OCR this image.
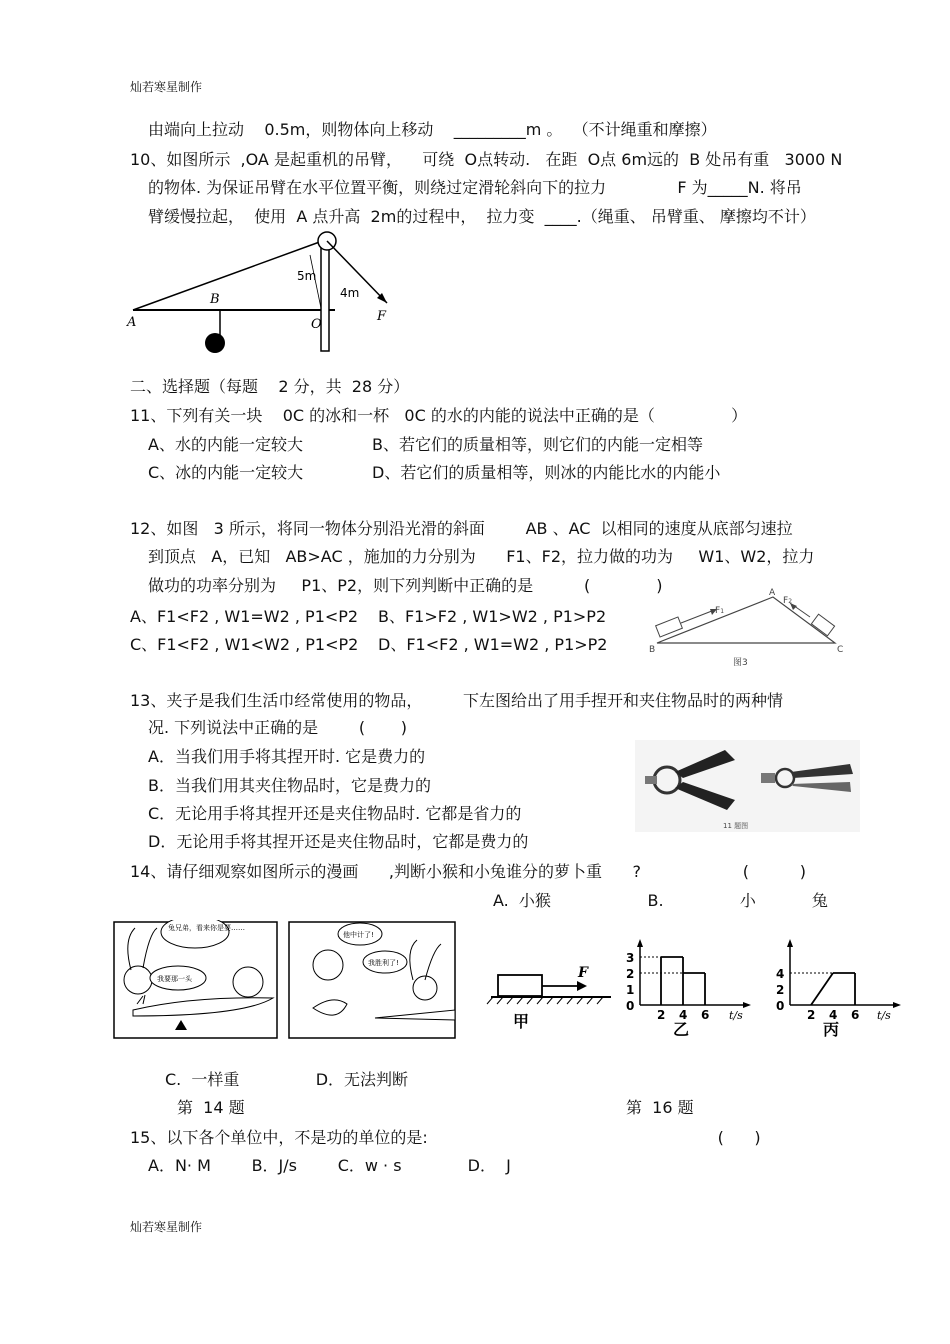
灿若寒星制作
由端向上拉动    0.5m，则物体向上移动    _________m 。  （不计绳重和摩擦）
10、如图所示  ,OA 是起重机的吊臂，    可绕  O点转动.   在距  O点 6m远的  B 处吊有重   3000 N
的物体. 为保证吊臂在水平位置平衡，则绕过定滑轮斜向下的拉力              F 为_____N. 将吊
臂缓慢拉起，  使用  A 点升高  2m的过程中，  拉力变  ____.（绳重、 吊臂重、 摩擦均不计）
A
B
O
F
5m
4m
二、选择题（每题    2 分，共  28 分）
11、下列有关一块    0C 的冰和一杯   0C 的水的内能的说法中正确的是（               ）
A、水的内能一定较大	B、若它们的质量相等，则它们的内能一定相等
C、冰的内能一定较大	D、若它们的质量相等，则冰的内能比水的内能小
12、如图   3 所示，将同一物体分别沿光滑的斜面        AB 、AC  以相同的速度从底部匀速拉
到顶点   A，已知   AB>AC ，施加的力分别为      F1、F2，拉力做的功为     W1、W2，拉力
做功的功率分别为     P1、P2，则下列判断中正确的是          (             )
A、F1<F2 , W1=W2 , P1<P2 B、F1>F2 , W1>W2 , P1>P2
C、F1<F2 , W1<W2 , P1<P2 D、F1<F2 , W1=W2 , P1>P2	B
A
C
F1
F2
图3
13、夹子是我们生活巾经常使用的物品，        下左图给出了用手捏开和夹住物品时的两种情
况. 下列说法中正确的是        (       )
A．当我们用手将其捏开时. 它是费力的
B．当我们用其夹住物品时，它是费力的
C．无论用手将其捏开还是夹住物品时. 它都是省力的
D．无论用手将其捏开还是夹住物品时，它都是费力的
11 题图
14、请仔细观察如图所示的漫画      ,判断小猴和小兔谁分的萝卜重      ?                    (          )
A.  小猴                   B.               小           兔
兔兄弟，看来你是要……
我要那一头
他中计了!
我胜利了!
F
甲
3
2
1
0
2 4 6 t/s
乙
4
2
0
2 4 6 t/s
丙
C.  一样重               D．无法判断
第  14 题	第  16 题
15、以下各个单位中，不是功的单位的是:                                                         (      )
A．N· M        B．J/s        C．w · s             D．  J
灿若寒星制作
